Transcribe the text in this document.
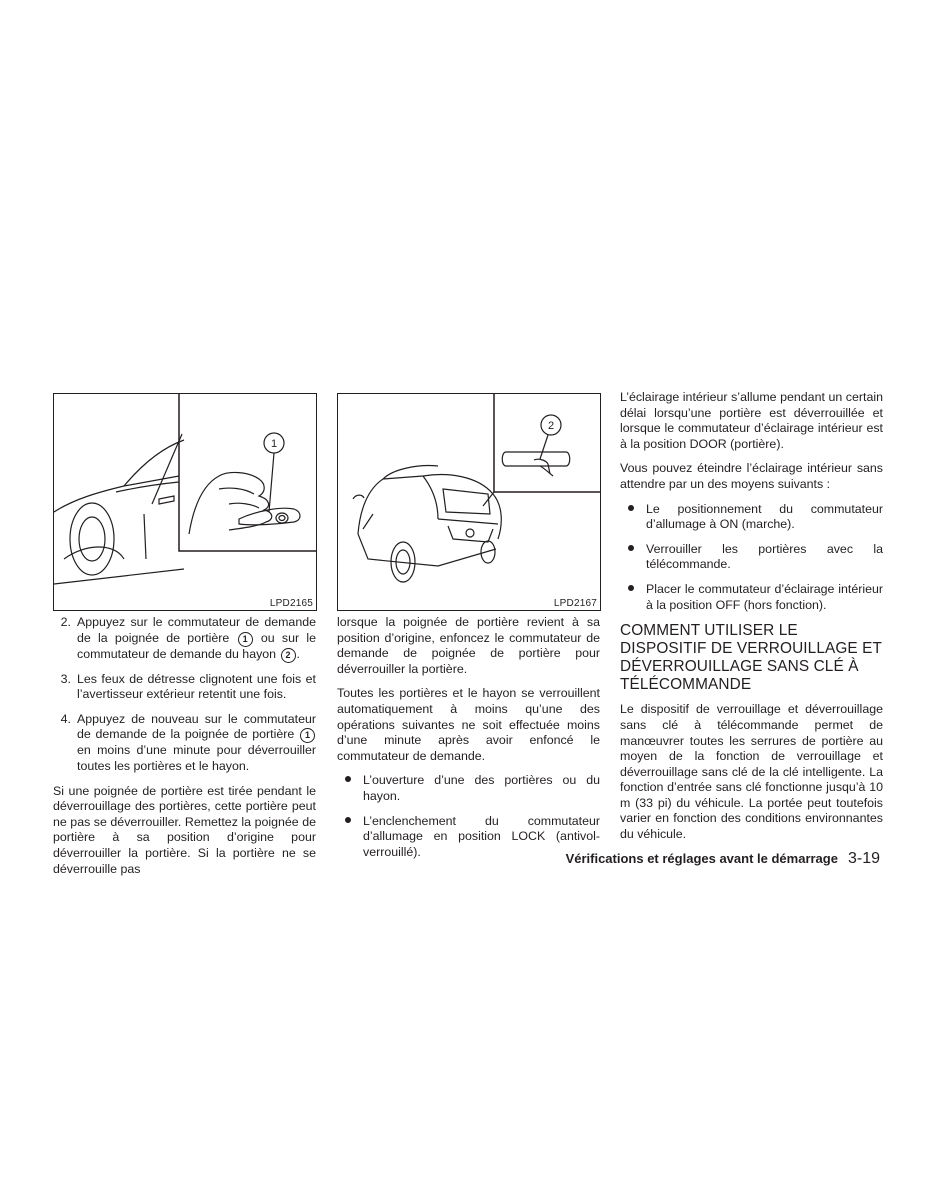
1
LPD2165
2
LPD2167
2. Appuyez sur le commutateur de demande de la poignée de portière 1 ou sur le commutateur de demande du hayon 2 .
3. Les feux de détresse clignotent une fois et l’avertisseur extérieur retentit une fois.
4. Appuyez de nouveau sur le commutateur de demande de la poignée de portière 1 en moins d’une minute pour déverrouiller toutes les portières et le hayon.

Si une poignée de portière est tirée pendant le déverrouillage des portières, cette portière peut ne pas se déverrouiller. Remettez la poignée de portière à sa position d’origine pour déverrouiller la portière. Si la portière ne se déverrouille pas

lorsque la poignée de portière revient à sa position d’origine, enfoncez le commutateur de demande de poignée de portière pour déverrouiller la portière.

Toutes les portières et le hayon se verrouillent automatiquement à moins qu’une des opérations suivantes ne soit effectuée moins d’une minute après avoir enfoncé le commutateur de demande.

L’ouverture d’une des portières ou du hayon.
L’enclenchement du commutateur d’allumage en position LOCK (antivol-verrouillé).

L’éclairage intérieur s’allume pendant un certain délai lorsqu’une portière est déverrouillée et lorsque le commutateur d’éclairage intérieur est à la position DOOR (portière).

Vous pouvez éteindre l’éclairage intérieur sans attendre par un des moyens suivants :

Le positionnement du commutateur d’allumage à ON (marche).
Verrouiller les portières avec la télécommande.
Placer le commutateur d’éclairage intérieur à la position OFF (hors fonction).
COMMENT UTILISER LE DISPOSITIF DE VERROUILLAGE ET DÉVERROUILLAGE SANS CLÉ À TÉLÉCOMMANDE

Le dispositif de verrouillage et déverrouillage sans clé à télécommande permet de manœuvrer toutes les serrures de portière au moyen de la fonction de verrouillage et déverrouillage sans clé de la clé intelligente. La fonction d’entrée sans clé fonctionne jusqu’à 10 m (33 pi) du véhicule. La portée peut toutefois varier en fonction des conditions environnantes du véhicule.

Vérifications et réglages avant le démarrage 3-19
